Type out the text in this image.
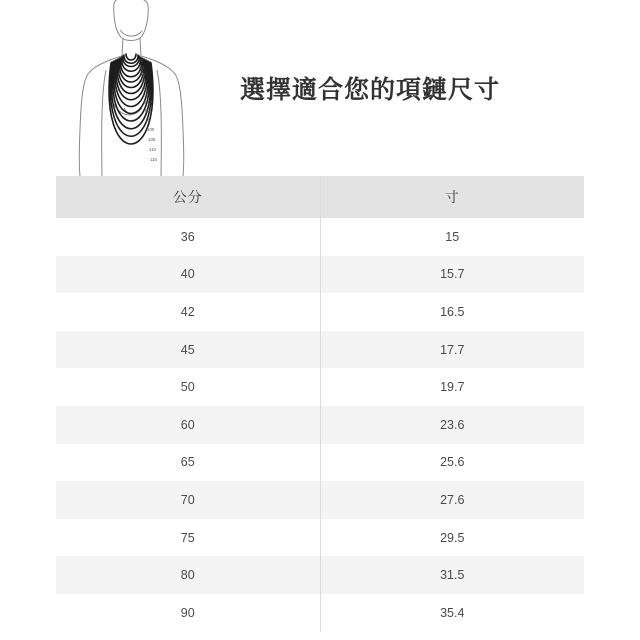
42
40
45
50
60
70
75
80
90
100
105
110
115
選擇適合您的項鏈尺寸
公分	寸
36	15
40	15.7
42	16.5
45	17.7
50	19.7
60	23.6
65	25.6
70	27.6
75	29.5
80	31.5
90	35.4
